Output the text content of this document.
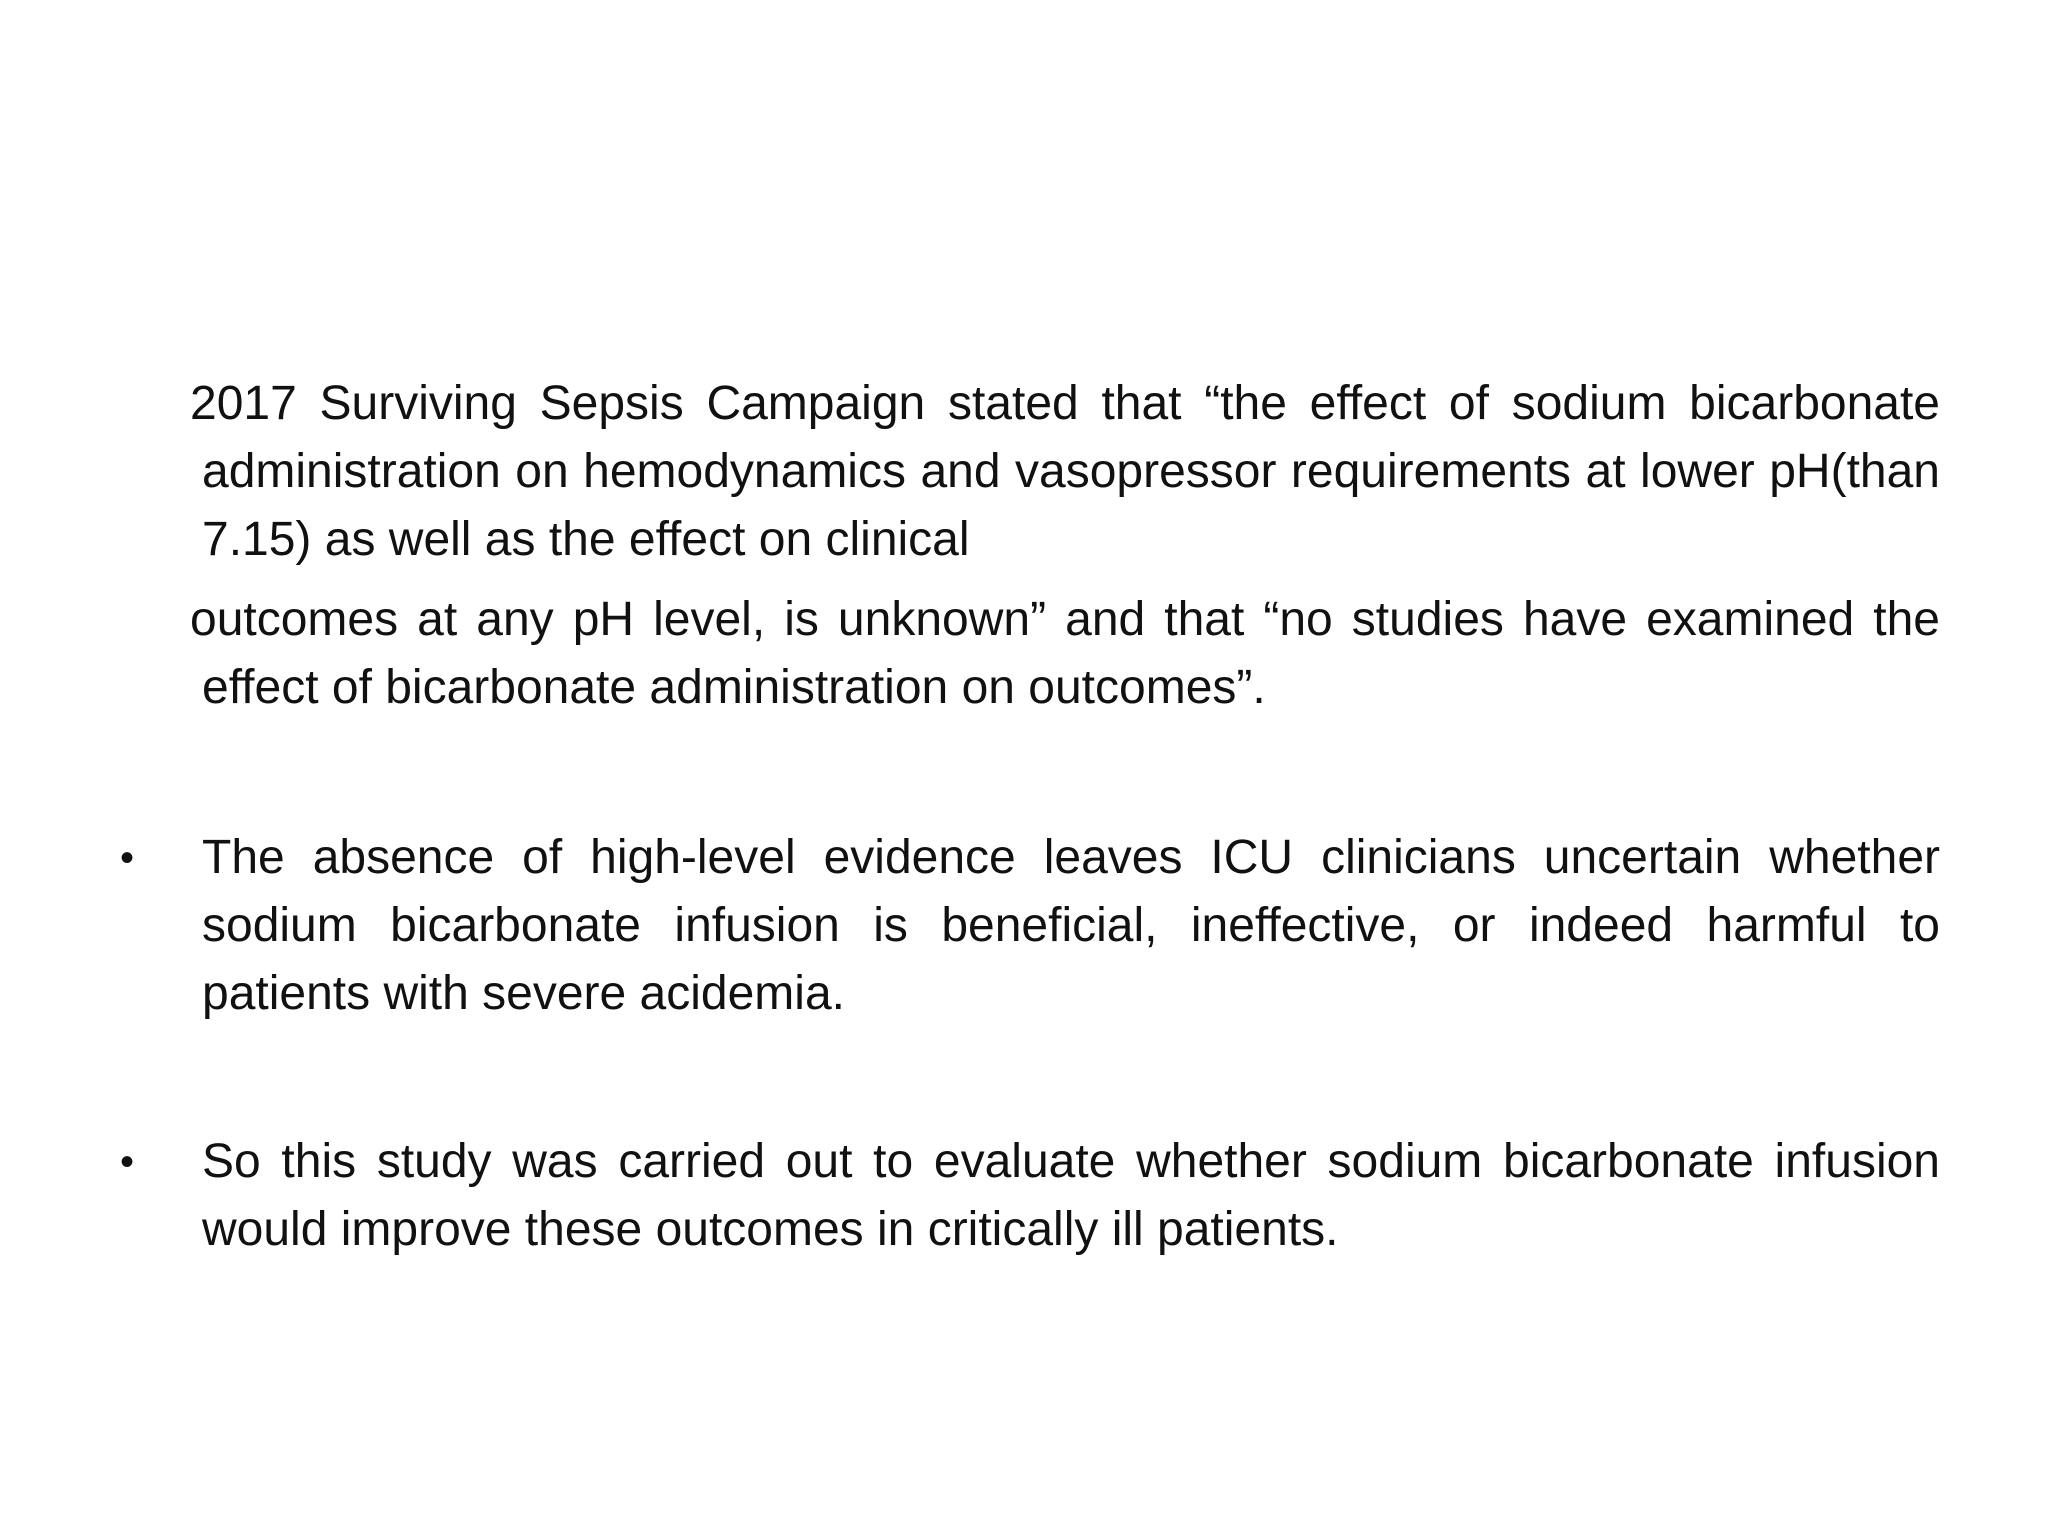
2017 Surviving Sepsis Campaign stated that “the effect of sodium bicarbonate administration on hemodynamics and vasopressor requirements at lower pH(than 7.15) as well as the effect on clinical

outcomes at any pH level, is unknown” and that “no studies have examined the effect of bicarbonate administration on outcomes”.

•	The absence of high-level evidence leaves ICU clinicians uncertain whether sodium bicarbonate infusion is beneficial, ineffective, or indeed harmful to patients with severe acidemia.

•	So this study was carried out to evaluate whether sodium bicarbonate infusion would improve these outcomes in critically ill patients.
